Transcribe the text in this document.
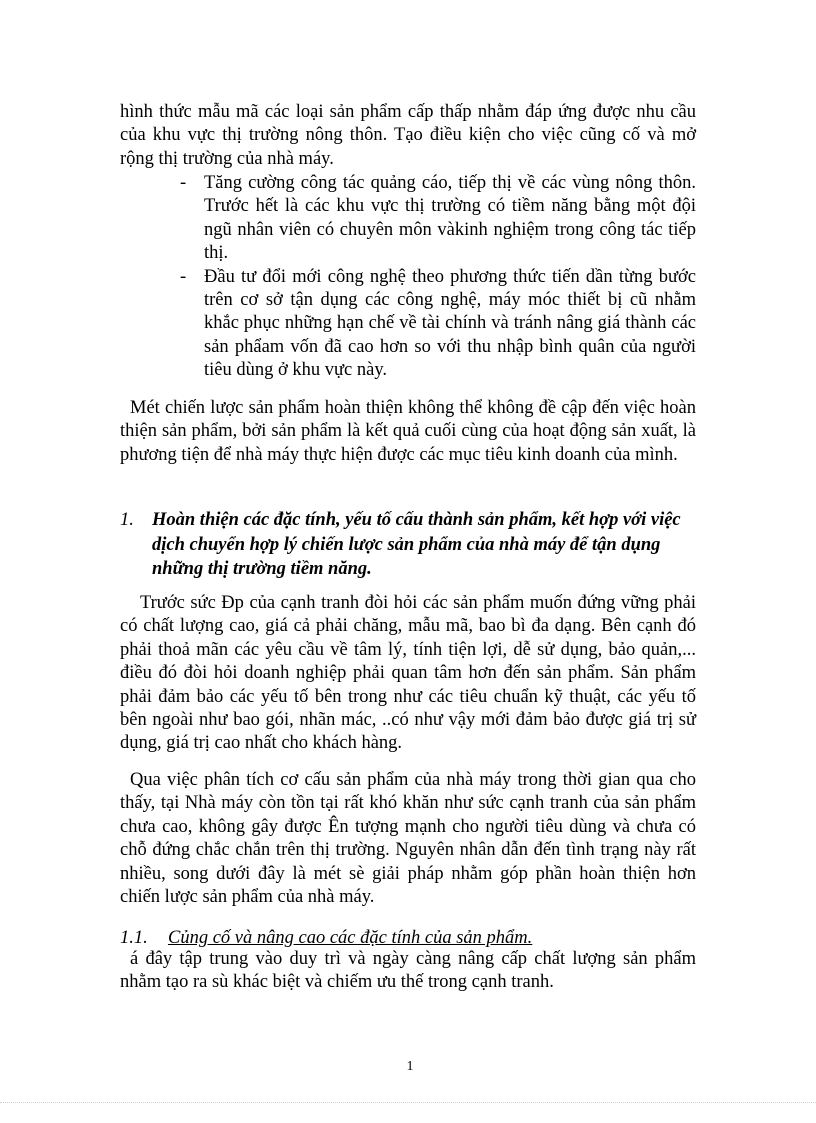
hình thức mẫu mã các loại sản phẩm cấp thấp nhằm đáp ứng được nhu cầu của khu vực thị trường nông thôn. Tạo điều kiện cho việc cũng cố và mở rộng thị trường của nhà máy.

- Tăng cường công tác quảng cáo, tiếp thị về các vùng nông thôn. Trước hết là các khu vực thị trường có tiềm năng bằng một đội ngũ nhân viên có chuyên môn vàkinh nghiệm trong công tác tiếp thị.
- Đầu tư đổi mới công nghệ theo phương thức tiến dần từng bước trên cơ sở tận dụng các công nghệ, máy móc thiết bị cũ nhằm khắc phục những hạn chế về tài chính và tránh nâng giá thành các sản phẩam vốn đã cao hơn so với thu nhập bình quân của người tiêu dùng ở khu vực này.

Mét chiến lược sản phẩm hoàn thiện không thể không đề cập đến việc hoàn thiện sản phẩm, bởi sản phẩm là kết quả cuối cùng của hoạt động sản xuất, là phương tiện để nhà máy thực hiện được các mục tiêu kinh doanh của mình.

1. Hoàn thiện các đặc tính, yếu tố cấu thành sản phẩm, kết hợp với việc dịch chuyển hợp lý chiến lược sản phẩm của nhà máy để tận dụng những thị trường tiềm năng.

Trước sức Ðp của cạnh tranh đòi hỏi các sản phẩm muốn đứng vững phải có chất lượng cao, giá cả phải chăng, mẫu mã, bao bì đa dạng. Bên cạnh đó phải thoả mãn các yêu cầu về tâm lý, tính tiện lợi, dễ sử dụng, bảo quản,... điều đó đòi hỏi doanh nghiệp phải quan tâm hơn đến sản phẩm. Sản phẩm phải đảm bảo các yếu tố bên trong như các tiêu chuẩn kỹ thuật, các yếu tố bên ngoài như bao gói, nhãn mác, ..có như vậy mới đảm bảo được giá trị sử dụng, giá trị cao nhất cho khách hàng.

Qua việc phân tích cơ cấu sản phẩm của nhà máy trong thời gian qua cho thấy, tại Nhà máy còn tồn tại rất khó khăn như sức cạnh tranh của sản phẩm chưa cao, không gây được Ên tượng mạnh cho người tiêu dùng và chưa có chỗ đứng chắc chắn trên thị trường. Nguyên nhân dẫn đến tình trạng này rất nhiều, song dưới đây là mét sè giải pháp nhằm góp phần hoàn thiện hơn chiến lược sản phẩm của nhà máy.

1.1. Củng cố và nâng cao các đặc tính của sản phẩm.

á đây tập trung vào duy trì và ngày càng nâng cấp chất lượng sản phẩm nhằm tạo ra sù khác biệt và chiếm ưu thế trong cạnh tranh.

1
